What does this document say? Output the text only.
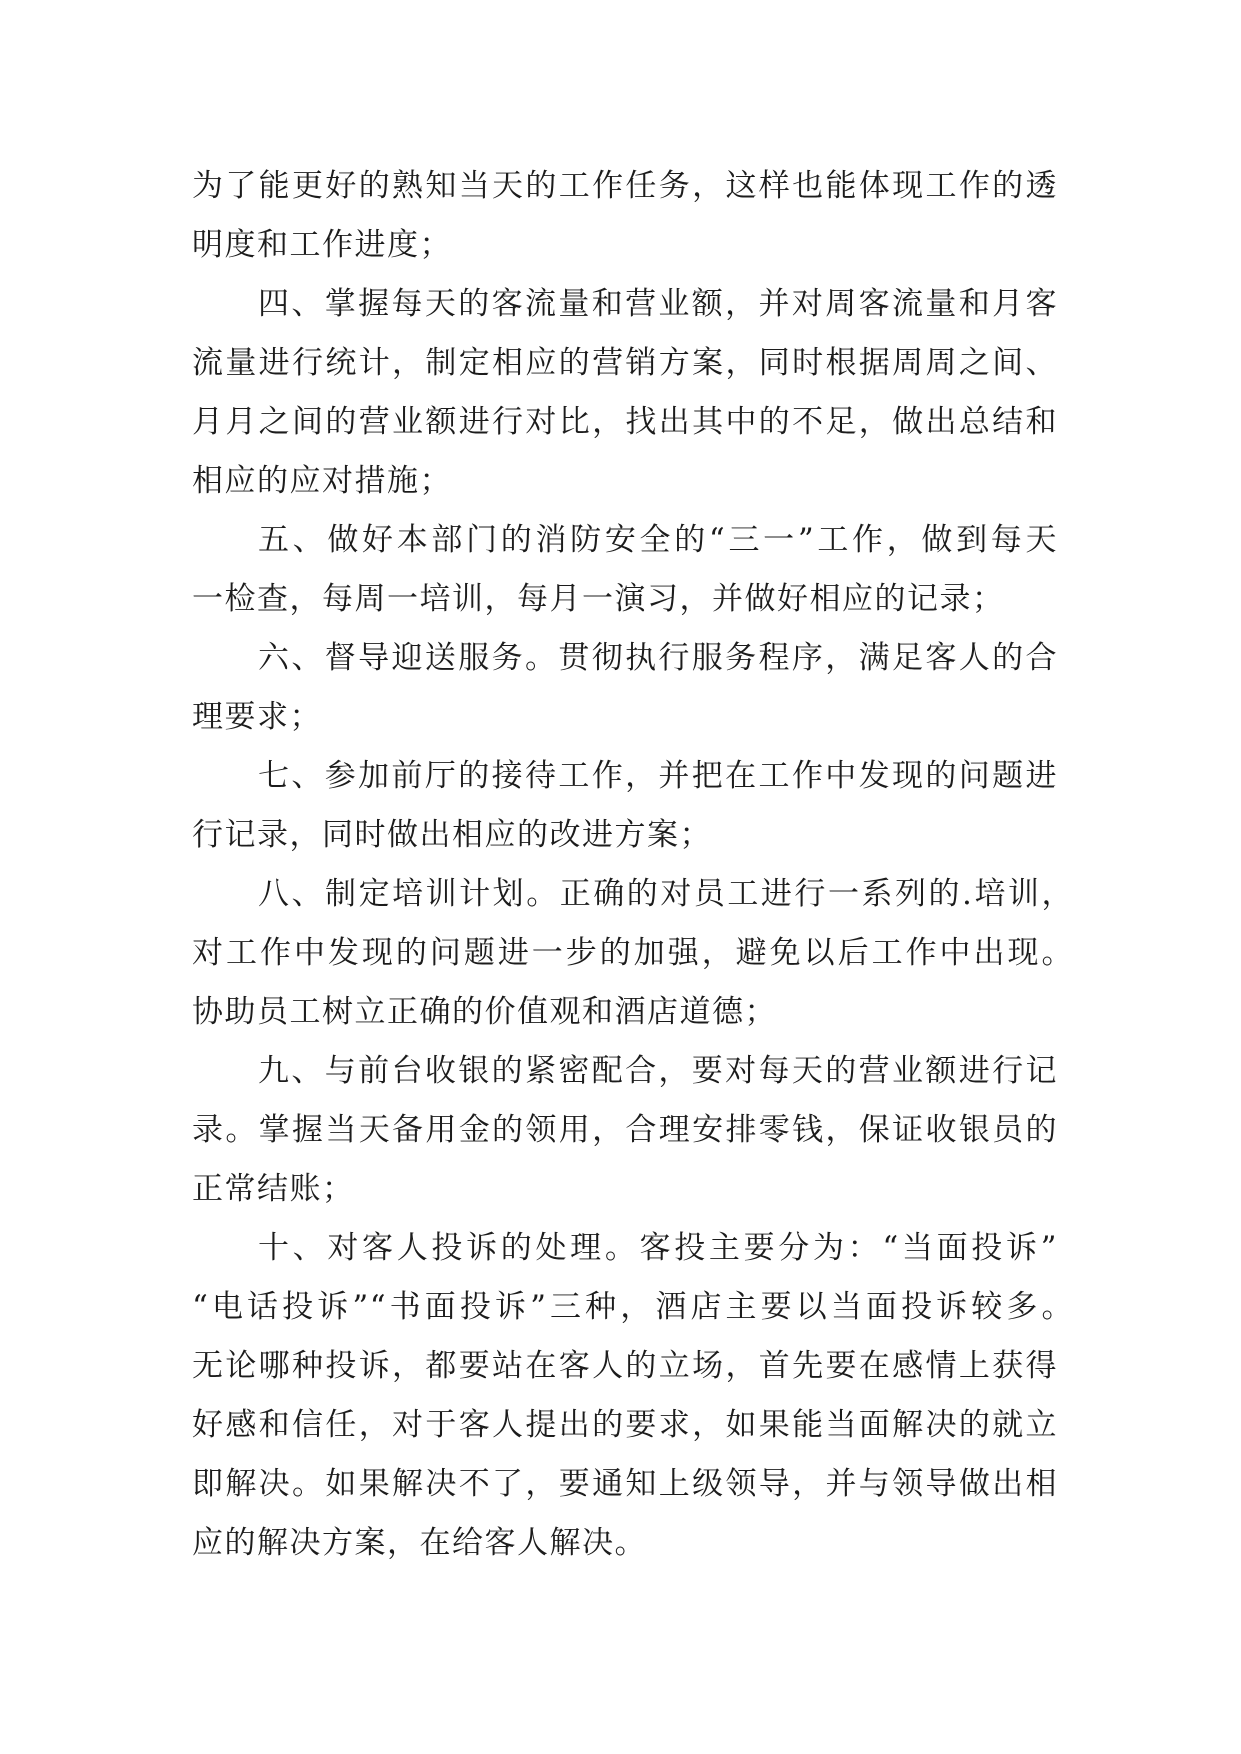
为了能更好的熟知当天的工作任务，这样也能体现工作的透
明度和工作进度；
四、掌握每天的客流量和营业额，并对周客流量和月客
流量进行统计，制定相应的营销方案，同时根据周周之间、
月月之间的营业额进行对比，找出其中的不足，做出总结和
相应的应对措施；
五、做好本部门的消防安全的“三一”工作，做到每天
一检查，每周一培训，每月一演习，并做好相应的记录；
六、督导迎送服务。贯彻执行服务程序，满足客人的合
理要求；
七、参加前厅的接待工作，并把在工作中发现的问题进
行记录，同时做出相应的改进方案；
八、制定培训计划。正确的对员工进行一系列的.培训，
对工作中发现的问题进一步的加强，避免以后工作中出现。
协助员工树立正确的价值观和酒店道德；
九、与前台收银的紧密配合，要对每天的营业额进行记
录。掌握当天备用金的领用，合理安排零钱，保证收银员的
正常结账；
十、对客人投诉的处理。客投主要分为：“当面投诉”
“电话投诉”“书面投诉”三种，酒店主要以当面投诉较多。
无论哪种投诉，都要站在客人的立场，首先要在感情上获得
好感和信任，对于客人提出的要求，如果能当面解决的就立
即解决。如果解决不了，要通知上级领导，并与领导做出相
应的解决方案，在给客人解决。
